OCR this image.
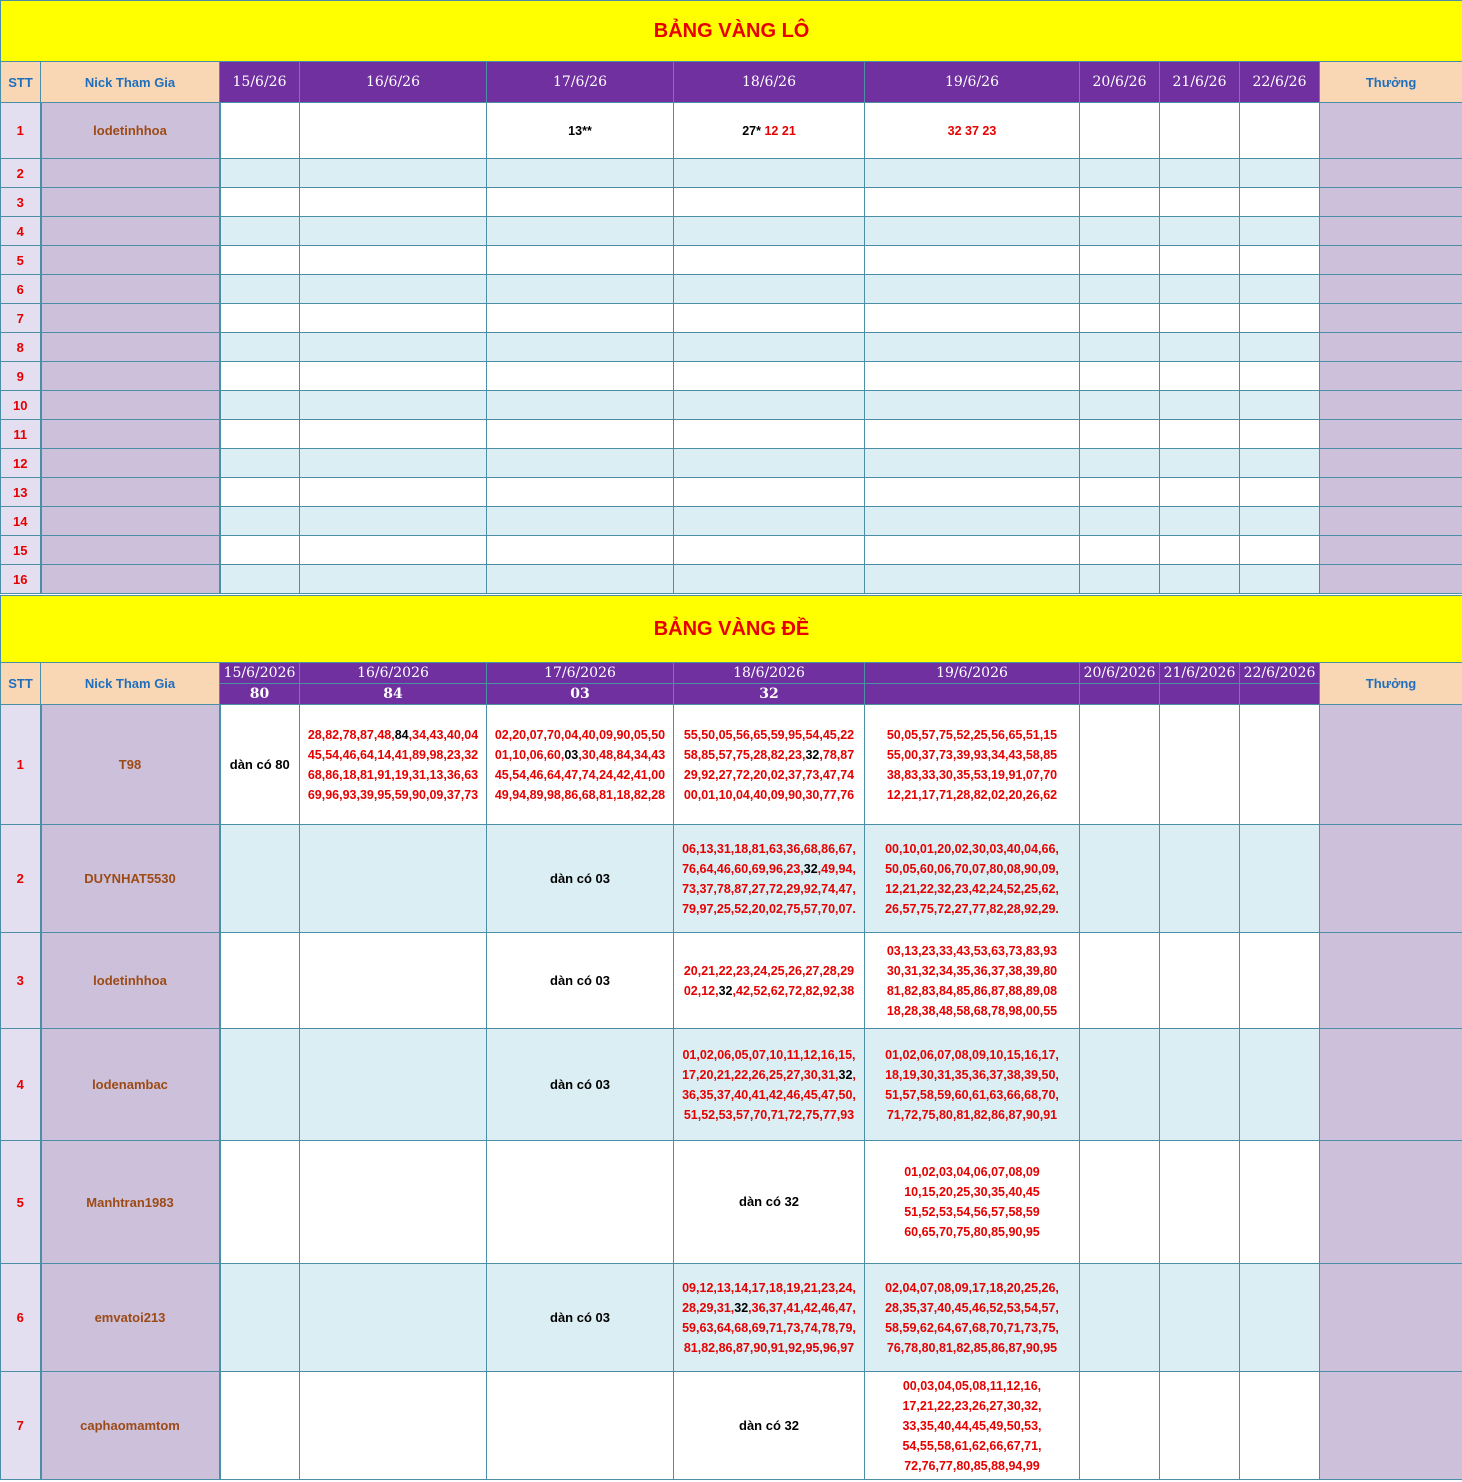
BẢNG VÀNG LÔ										
STT	Nick Tham Gia	15/6/26	16/6/26	17/6/26	18/6/26	19/6/26	20/6/26	21/6/26	22/6/26	Thưởng
1	lodetinhhoa			13**	27* 12 21	32 37 23				
2										
3										
4										
5										
6										
7										
8										
9										
10										
11										
12										
13										
14										
15										
16										
BẢNG VÀNG ĐỀ										
STT	Nick Tham Gia	15/6/2026	16/6/2026	17/6/2026	18/6/2026	19/6/2026	20/6/2026	21/6/2026	22/6/2026	Thưởng
		80	84	03	32					
1	T98	dàn có 80	28,82,78,87,48,84,34,43,40,04
45,54,46,64,14,41,89,98,23,32
68,86,18,81,91,19,31,13,36,63
69,96,93,39,95,59,90,09,37,73	02,20,07,70,04,40,09,90,05,50
01,10,06,60,03,30,48,84,34,43
45,54,46,64,47,74,24,42,41,00
49,94,89,98,86,68,81,18,82,28	55,50,05,56,65,59,95,54,45,22
58,85,57,75,28,82,23,32,78,87
29,92,27,72,20,02,37,73,47,74
00,01,10,04,40,09,90,30,77,76	50,05,57,75,52,25,56,65,51,15
55,00,37,73,39,93,34,43,58,85
38,83,33,30,35,53,19,91,07,70
12,21,17,71,28,82,02,20,26,62				

2	DUYNHAT5530			dàn có 03	06,13,31,18,81,63,36,68,86,67,
76,64,46,60,69,96,23,32,49,94,
73,37,78,87,27,72,29,92,74,47,
79,97,25,52,20,02,75,57,70,07.	00,10,01,20,02,30,03,40,04,66,
50,05,60,06,70,07,80,08,90,09,
12,21,22,32,23,42,24,52,25,62,
26,57,75,72,27,77,82,28,92,29.				

3	lodetinhhoa			dàn có 03	20,21,22,23,24,25,26,27,28,29
02,12,32,42,52,62,72,82,92,38	03,13,23,33,43,53,63,73,83,93
30,31,32,34,35,36,37,38,39,80
81,82,83,84,85,86,87,88,89,08
18,28,38,48,58,68,78,98,00,55				

4	lodenambac			dàn có 03	01,02,06,05,07,10,11,12,16,15,
17,20,21,22,26,25,27,30,31,32,
36,35,37,40,41,42,46,45,47,50,
51,52,53,57,70,71,72,75,77,93	01,02,06,07,08,09,10,15,16,17,
18,19,30,31,35,36,37,38,39,50,
51,57,58,59,60,61,63,66,68,70,
71,72,75,80,81,82,86,87,90,91				

5	Manhtran1983				dàn có 32	01,02,03,04,06,07,08,09
10,15,20,25,30,35,40,45
51,52,53,54,56,57,58,59
60,65,70,75,80,85,90,95				

6	emvatoi213			dàn có 03	09,12,13,14,17,18,19,21,23,24,
28,29,31,32,36,37,41,42,46,47,
59,63,64,68,69,71,73,74,78,79,
81,82,86,87,90,91,92,95,96,97	02,04,07,08,09,17,18,20,25,26,
28,35,37,40,45,46,52,53,54,57,
58,59,62,64,67,68,70,71,73,75,
76,78,80,81,82,85,86,87,90,95				

7	caphaomamtom				dàn có 32	00,03,04,05,08,11,12,16,
17,21,22,23,26,27,30,32,
33,35,40,44,45,49,50,53,
54,55,58,61,62,66,67,71,
72,76,77,80,85,88,94,99				
